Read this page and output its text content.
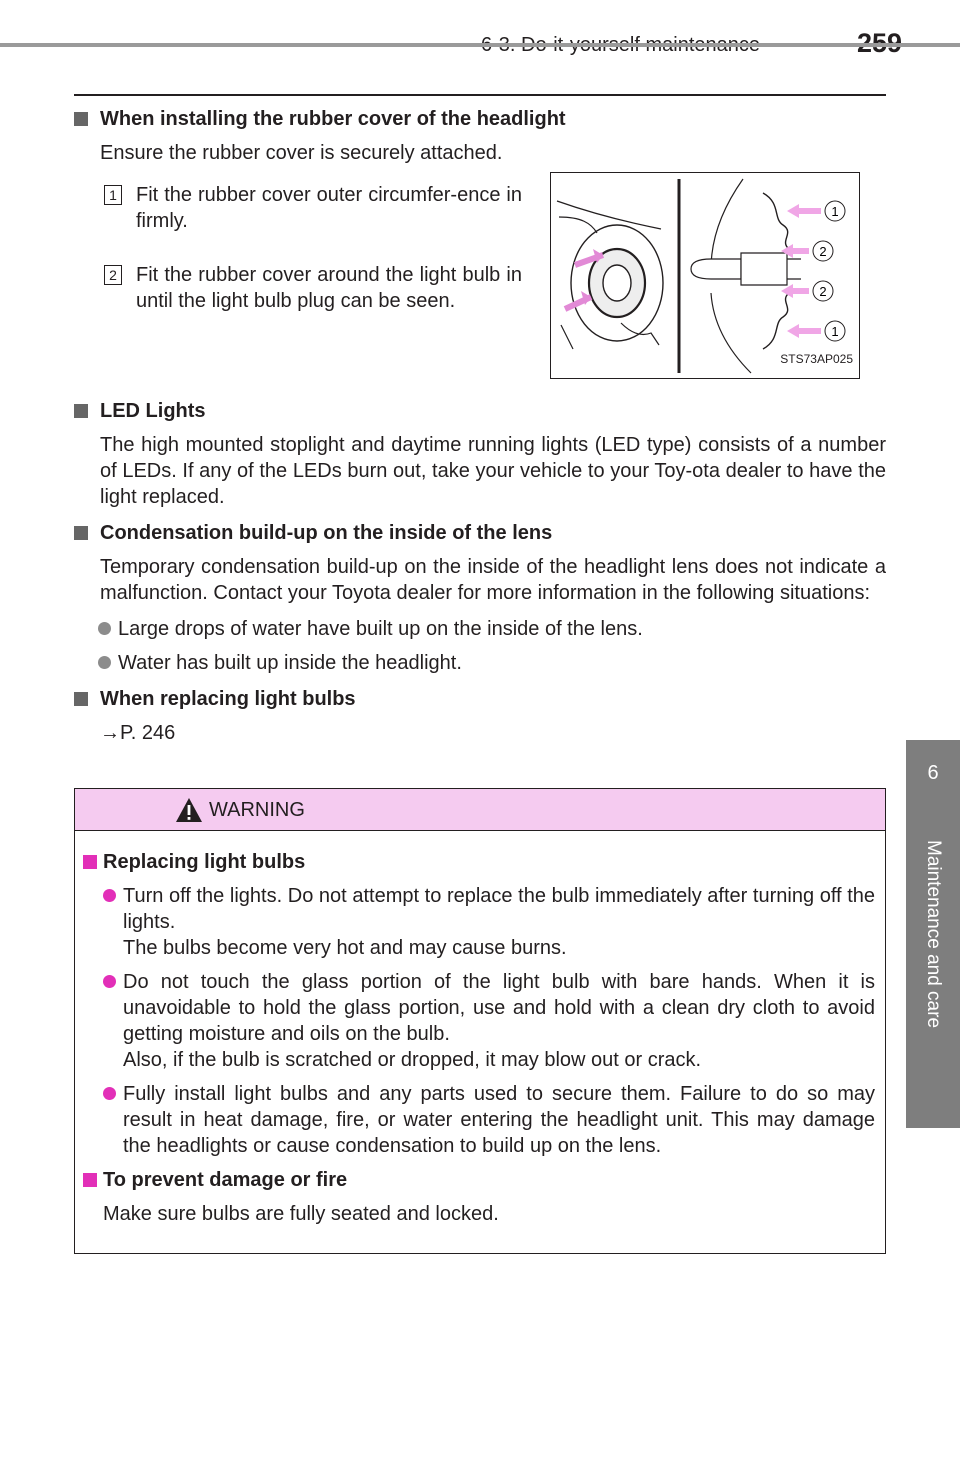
6
Maintenance and care
When installing the rubber cover of the headlight
Ensure the rubber cover is securely attached.
1 Fit the rubber cover outer circumfer-ence in firmly.
2 Fit the rubber cover around the light bulb in until the light bulb plug can be seen.
1
2
2
1
STS73AP025
LED Lights
The high mounted stoplight and daytime running lights (LED type) consists of a number of LEDs. If any of the LEDs burn out, take your vehicle to your Toy-ota dealer to have the light replaced.
Condensation build-up on the inside of the lens
Temporary condensation build-up on the inside of the headlight lens does not indicate a malfunction. Contact your Toyota dealer for more information in the following situations:
Large drops of water have built up on the inside of the lens.
Water has built up inside the headlight.
When replacing light bulbs
→P. 246
WARNING
Replacing light bulbs
Turn off the lights. Do not attempt to replace the bulb immediately after turning off the lights.
The bulbs become very hot and may cause burns.
Do not touch the glass portion of the light bulb with bare hands. When it is unavoidable to hold the glass portion, use and hold with a clean dry cloth to avoid getting moisture and oils on the bulb.
Also, if the bulb is scratched or dropped, it may blow out or crack.
Fully install light bulbs and any parts used to secure them. Failure to do so may result in heat damage, fire, or water entering the headlight unit. This may damage the headlights or cause condensation to build up on the lens.
To prevent damage or fire
Make sure bulbs are fully seated and locked.
